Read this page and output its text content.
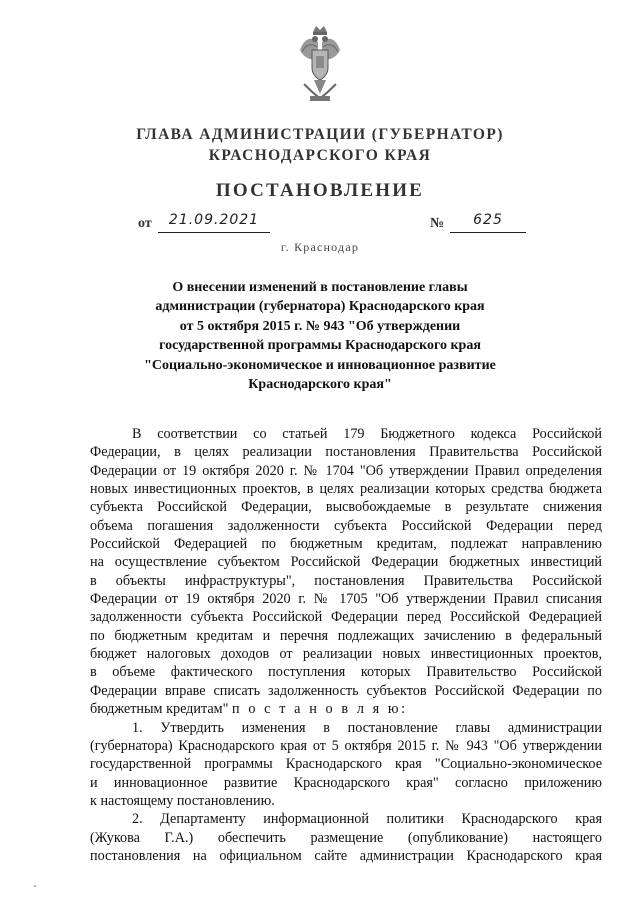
ГЛАВА АДМИНИСТРАЦИИ (ГУБЕРНАТОР)
КРАСНОДАРСКОГО КРАЯ
ПОСТАНОВЛЕНИЕ
от	21.09.2021	№	625
г. Краснодар
О внесении изменений в постановление главы
администрации (губернатора) Краснодарского края
от 5 октября 2015 г. № 943 "Об утверждении
государственной программы Краснодарского края
"Социально-экономическое и инновационное развитие
Краснодарского края"
В соответствии со статьей 179 Бюджетного кодекса Российской
Федерации, в целях реализации постановления Правительства Российской
Федерации от 19 октября 2020 г. № 1704 "Об утверждении Правил определения
новых инвестиционных проектов, в целях реализации которых средства бюджета
субъекта Российской Федерации, высвобождаемые в результате снижения
объема погашения задолженности субъекта Российской Федерации перед
Российской Федерацией по бюджетным кредитам, подлежат направлению
на осуществление субъектом Российской Федерации бюджетных инвестиций
в объекты инфраструктуры", постановления Правительства Российской
Федерации от 19 октября 2020 г. № 1705 "Об утверждении Правил списания
задолженности субъекта Российской Федерации перед Российской Федерацией
по бюджетным кредитам и перечня подлежащих зачислению в федеральный
бюджет налоговых доходов от реализации новых инвестиционных проектов,
в объеме фактического поступления которых Правительство Российской
Федерации вправе списать задолженность субъектов Российской Федерации по
бюджетным кредитам" п о с т а н о в л я ю:
1. Утвердить изменения в постановление главы администрации
(губернатора) Краснодарского края от 5 октября 2015 г. № 943 "Об утверждении
государственной программы Краснодарского края "Социально-экономическое
и инновационное развитие Краснодарского края" согласно приложению
к настоящему постановлению.
2. Департаменту информационной политики Краснодарского края
(Жукова Г.А.) обеспечить размещение (опубликование) настоящего
постановления на официальном сайте администрации Краснодарского края
